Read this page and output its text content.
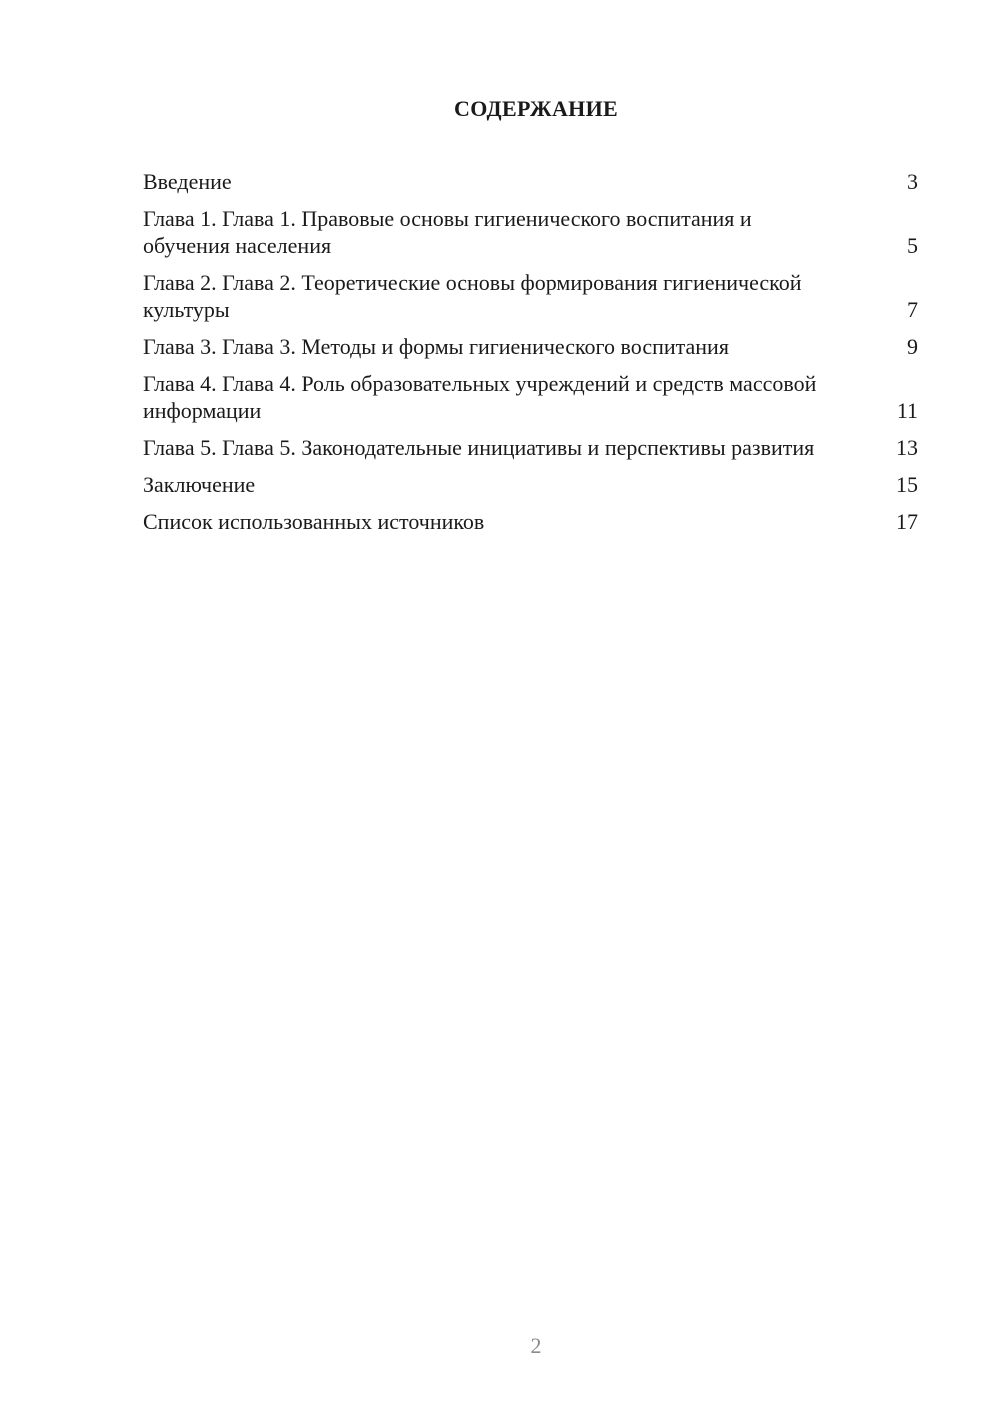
СОДЕРЖАНИЕ
Введение	3
Глава 1. Глава 1. Правовые основы гигиенического воспитания и обучения населения	5
Глава 2. Глава 2. Теоретические основы формирования гигиенической культуры	7
Глава 3. Глава 3. Методы и формы гигиенического воспитания	9
Глава 4. Глава 4. Роль образовательных учреждений и средств массовой информации	11
Глава 5. Глава 5. Законодательные инициативы и перспективы развития	13
Заключение	15
Список использованных источников	17
2
